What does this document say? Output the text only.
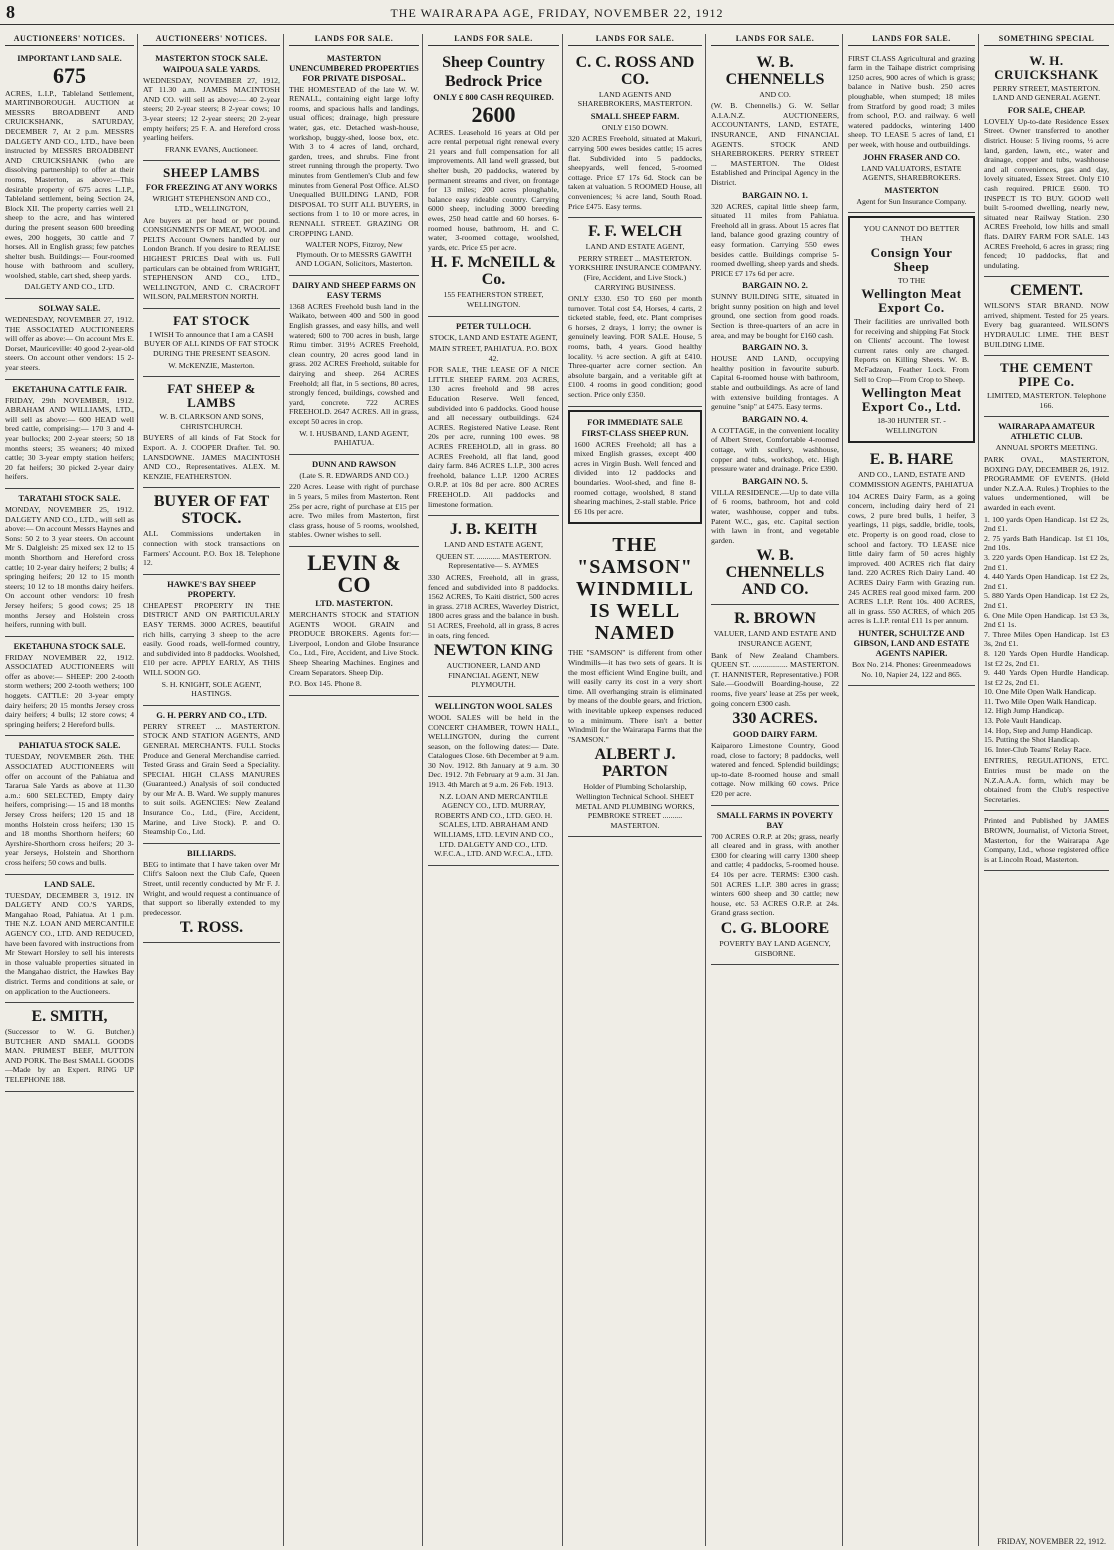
8	THE WAIRARAPA AGE, FRIDAY, NOVEMBER 22, 1912
AUCTIONEERS' NOTICES.
IMPORTANT LAND SALE.
675

ACRES, L.I.P., Tableland Settlement, MARTINBOROUGH. AUCTION at MESSRS BROADBENT AND CRUICKSHANK, SATURDAY, DECEMBER 7, At 2 p.m. MESSRS DALGETY AND CO., LTD., have been instructed by MESSRS BROADBENT AND CRUICKSHANK (who are dissolving partnership) to offer at their rooms, Masterton, as above:—This desirable property of 675 acres L.I.P., Tableland settlement, being Section 24, Block XII. The property carries well 21 sheep to the acre, and has wintered during the present season 600 breeding ewes, 200 hoggets, 30 cattle and 7 horses. All in English grass; few patches shelter bush. Buildings:— Four-roomed house with bathroom and scullery, woolshed, stable, cart shed, sheep yards.

DALGETY AND CO., LTD.

SOLWAY SALE.

WEDNESDAY, NOVEMBER 27, 1912. THE ASSOCIATED AUCTIONEERS will offer as above:— On account Mrs E. Dorset, Mauriceville: 40 good 2-year-old steers. On account other vendors: 15 2-year steers.

EKETAHUNA CATTLE FAIR.

FRIDAY, 29th NOVEMBER, 1912. ABRAHAM AND WILLIAMS, LTD., will sell as above:— 600 HEAD well bred cattle, comprising:— 170 3 and 4-year bullocks; 200 2-year steers; 50 18 months steers; 35 weaners; 40 mixed cattle; 30 3-year empty station heifers; 20 fat heifers; 30 picked 2-year dairy heifers.

TARATAHI STOCK SALE.

MONDAY, NOVEMBER 25, 1912. DALGETY AND CO., LTD., will sell as above:— On account Messrs Haynes and Sons: 50 2 to 3 year steers. On account Mr S. Dalgleish: 25 mixed sex 12 to 15 month Shorthorn and Hereford cross cattle; 10 2-year dairy heifers; 2 bulls; 4 springing heifers; 20 12 to 15 month steers; 10 12 to 18 months dairy heifers. On account other vendors: 10 fresh Jersey heifers; 5 good cows; 25 18 months Jersey and Holstein cross heifers, running with bull.

EKETAHUNA STOCK SALE.

FRIDAY NOVEMBER 22, 1912. ASSOCIATED AUCTIONEERS will offer as above:— SHEEP: 200 2-tooth storm wethers; 200 2-tooth wethers; 100 hoggets. CATTLE: 20 3-year empty dairy heifers; 20 15 months Jersey cross dairy heifers; 4 bulls; 12 store cows; 4 springing heifers; 2 Hereford bulls.

PAHIATUA STOCK SALE.

TUESDAY, NOVEMBER 26th. THE ASSOCIATED AUCTIONEERS will offer on account of the Pahiatua and Tararua Sale Yards as above at 11.30 a.m.: 600 SELECTED, Empty dairy heifers, comprising:— 15 and 18 months Jersey Cross heifers; 120 15 and 18 months Holstein cross heifers; 130 15 and 18 months Shorthorn heifers; 60 Ayrshire-Shorthorn cross heifers; 20 3-year Jerseys, Holstein and Shorthorn cross heifers; 50 cows and bulls.

LAND SALE.

TUESDAY, DECEMBER 3, 1912. IN DALGETY AND CO.'S YARDS, Mangahao Road, Pahiatua. At 1 p.m. THE N.Z. LOAN AND MERCANTILE AGENCY CO., LTD. AND REDUCED, have been favored with instructions from Mr Stewart Horsley to sell his interests in those valuable properties situated in the Mangahao district, the Hawkes Bay district. Terms and conditions at sale, or on application to the Auctioneers.

E. SMITH,

(Successor to W. G. Butcher.) BUTCHER AND SMALL GOODS MAN. PRIMEST BEEF, MUTTON AND PORK. The Best SMALL GOODS—Made by an Expert. RING UP TELEPHONE 188.

AUCTIONEERS' NOTICES.
MASTERTON STOCK SALE.
WAIPOUA SALE YARDS.

WEDNESDAY, NOVEMBER 27, 1912, AT 11.30 a.m. JAMES MACINTOSH AND CO. will sell as above:— 40 2-year steers; 20 2-year steers; 8 2-year cows; 10 3-year steers; 12 2-year steers; 20 2-year empty heifers; 25 F. A. and Hereford cross yearling heifers.

FRANK EVANS, Auctioneer.

SHEEP LAMBS
FOR FREEZING AT ANY WORKS

WRIGHT STEPHENSON AND CO., LTD., WELLINGTON,

Are buyers at per head or per pound. CONSIGNMENTS OF MEAT, WOOL and PELTS Account Owners handled by our London Branch. If you desire to REALISE HIGHEST PRICES Deal with us. Full particulars can be obtained from WRIGHT, STEPHENSON AND CO., LTD., WELLINGTON, AND C. CRACROFT WILSON, PALMERSTON NORTH.

FAT STOCK

I WISH To announce that I am a CASH BUYER OF ALL KINDS OF FAT STOCK DURING THE PRESENT SEASON.

W. McKENZIE, Masterton.

FAT SHEEP & LAMBS

W. B. CLARKSON AND SONS, CHRISTCHURCH.

BUYERS of all kinds of Fat Stock for Export. A. J. COOPER Drafter. Tel. 90. LANSDOWNE. JAMES MACINTOSH AND CO., Representatives. ALEX. M. KENZIE, FEATHERSTON.

BUYER OF FAT STOCK.

ALL Commissions undertaken in connection with stock transactions on Farmers' Account. P.O. Box 18. Telephone 12.

HAWKE'S BAY SHEEP PROPERTY.

CHEAPEST PROPERTY IN THE DISTRICT AND ON PARTICULARLY EASY TERMS. 3000 ACRES, beautiful rich hills, carrying 3 sheep to the acre easily. Good roads, well-formed country, and subdivided into 8 paddocks. Woolshed, £10 per acre. APPLY EARLY, AS THIS WILL SOON GO.

S. H. KNIGHT, SOLE AGENT, HASTINGS.

G. H. PERRY AND CO., LTD.

PERRY STREET ... MASTERTON. STOCK AND STATION AGENTS, AND GENERAL MERCHANTS. FULL Stocks Produce and General Merchandise carried. Tested Grass and Grain Seed a Speciality. SPECIAL HIGH CLASS MANURES (Guaranteed.) Analysis of soil conducted by our Mr A. B. Ward. We supply manures to suit soils. AGENCIES: New Zealand Insurance Co., Ltd., (Fire, Accident, Marine, and Live Stock). P. and O. Steamship Co., Ltd.

BILLIARDS.

BEG to intimate that I have taken over Mr Clift's Saloon next the Club Cafe, Queen Street, until recently conducted by Mr F. J. Wright, and would request a continuance of that support so liberally extended to my predecessor.

T. ROSS.
LANDS FOR SALE.
MASTERTON UNENCUMBERED PROPERTIES FOR PRIVATE DISPOSAL.

THE HOMESTEAD of the late W. W. RENALL, containing eight large lofty rooms, and spacious halls and landings, usual offices; drainage, high pressure water, gas, etc. Detached wash-house, workshop, buggy-shed, loose box, etc. With 3 to 4 acres of land, orchard, garden, trees, and shrubs. Fine front street running through the property. Two minutes from Gentlemen's Club and few minutes from General Post Office. ALSO Unequalled BUILDING LAND, FOR DISPOSAL TO SUIT ALL BUYERS, in sections from 1 to 10 or more acres, in RENNALL STREET. GRAZING OR CROPPING LAND.

WALTER NOPS, Fitzroy, New Plymouth. Or to MESSRS GAWITH AND LOGAN, Solicitors, Masterton.

DAIRY AND SHEEP FARMS ON EASY TERMS

1368 ACRES Freehold bush land in the Waikato, between 400 and 500 in good English grasses, and easy hills, and well watered; 600 to 700 acres in bush, large Rimu timber. 319½ ACRES Freehold, clean country, 20 acres good land in grass. 202 ACRES Freehold, suitable for dairying and sheep. 264 ACRES Freehold; all flat, in 5 sections, 80 acres, strongly fenced, buildings, cowshed and yard, concrete. 722 ACRES FREEHOLD. 2647 ACRES. All in grass, except 50 acres in crop.

W. I. HUSBAND, LAND AGENT, PAHIATUA.

DUNN AND RAWSON

(Late S. R. EDWARDS AND CO.)

220 Acres. Lease with right of purchase in 5 years, 5 miles from Masterton. Rent 25s per acre, right of purchase at £15 per acre. Two miles from Masterton, first class grass, house of 5 rooms, woolshed, stables. Owner wishes to sell.

LEVIN & CO
LTD. MASTERTON.

MERCHANTS STOCK and STATION AGENTS WOOL GRAIN and PRODUCE BROKERS. Agents for:— Liverpool, London and Globe Insurance Co., Ltd., Fire, Accident, and Live Stock. Sheep Shearing Machines. Engines and Cream Separators. Sheep Dip.

P.O. Box 145. Phone 8.

LANDS FOR SALE.
Sheep Country
Bedrock Price
ONLY £ 800 CASH REQUIRED.
2600

ACRES. Leasehold 16 years at Old per acre rental perpetual right renewal every 21 years and full compensation for all improvements. All land well grassed, but shelter bush, 20 paddocks, watered by permanent streams and river, on frontage for 13 miles; 200 acres ploughable, balance easy rideable country. Carrying 6000 sheep, including 3000 breeding ewes, 250 head cattle and 60 horses. 6-roomed house, bathroom, H. and C. water, 3-roomed cottage, woolshed, yards, etc. Price £5 per acre.

H. F. McNEILL & Co.

155 FEATHERSTON STREET, WELLINGTON.

PETER TULLOCH.

STOCK, LAND AND ESTATE AGENT,

MAIN STREET, PAHIATUA. P.O. BOX 42.

FOR SALE, THE LEASE OF A NICE LITTLE SHEEP FARM. 203 ACRES, 130 acres freehold and 98 acres Education Reserve. Well fenced, subdivided into 6 paddocks. Good house and all necessary outbuildings. 624 ACRES. Registered Native Lease. Rent 20s per acre, running 100 ewes. 98 ACRES FREEHOLD, all in grass. 80 ACRES Freehold, all flat land, good dairy farm. 846 ACRES L.I.P., 300 acres freehold, balance L.I.P. 1200 ACRES O.R.P. at 10s 8d per acre. 800 ACRES FREEHOLD. All paddocks and limestone formation.

J. B. KEITH

LAND AND ESTATE AGENT,

QUEEN ST. ............ MASTERTON. Representative— S. AYMES

330 ACRES, Freehold, all in grass, fenced and subdivided into 8 paddocks. 1562 ACRES, To Kaiti district, 500 acres in grass. 2718 ACRES, Waverley District, 1800 acres grass and the balance in bush. 51 ACRES, Freehold, all in grass, 8 acres in oats, ring fenced.

NEWTON KING

AUCTIONEER, LAND AND FINANCIAL AGENT, NEW PLYMOUTH.

WELLINGTON WOOL SALES

WOOL SALES will be held in the CONCERT CHAMBER, TOWN HALL, WELLINGTON, during the current season, on the following dates:— Date. Catalogues Close. 6th December at 9 a.m. 30 Nov. 1912. 8th January at 9 a.m. 30 Dec. 1912. 7th February at 9 a.m. 31 Jan. 1913. 4th March at 9 a.m. 26 Feb. 1913.

N.Z. LOAN AND MERCANTILE AGENCY CO., LTD. MURRAY, ROBERTS AND CO., LTD. GEO. H. SCALES, LTD. ABRAHAM AND WILLIAMS, LTD. LEVIN AND CO., LTD. DALGETY AND CO., LTD. W.F.C.A., LTD. AND W.F.C.A., LTD.

LANDS FOR SALE.
C. C. ROSS AND CO.

LAND AGENTS AND SHAREBROKERS, MASTERTON.

SMALL SHEEP FARM.

ONLY £150 DOWN.

320 ACRES Freehold, situated at Makuri, carrying 500 ewes besides cattle; 15 acres flat. Subdivided into 5 paddocks, sheepyards, well fenced, 5-roomed cottage. Price £7 17s 6d. Stock can be taken at valuation. 5 ROOMED House, all conveniences; ¼ acre land, South Road. Price £475. Easy terms.

F. F. WELCH

LAND AND ESTATE AGENT,

PERRY STREET ... MASTERTON. YORKSHIRE INSURANCE COMPANY. (Fire, Accident, and Live Stock.) CARRYING BUSINESS.

ONLY £330. £50 TO £60 per month turnover. Total cost £4, Horses, 4 carts, 2 ticketed stable, feed, etc. Plant comprises 6 horses, 2 drays, 1 lorry; the owner is genuinely leaving. FOR SALE. House, 5 rooms, bath, 4 years. Good healthy locality. ½ acre section. A gift at £410. Three-quarter acre corner section. An absolute bargain, and a veritable gift at £100. 4 rooms in good condition; good section. Price only £350.

FOR IMMEDIATE SALE
FIRST-CLASS SHEEP RUN.

1600 ACRES Freehold; all has a mixed English grasses, except 400 acres in Virgin Bush. Well fenced and divided into 12 paddocks and boundaries. Wool-shed, and fine 8-roomed cottage, woolshed, 8 stand shearing machines, 2-stall stable. Price £6 10s per acre.

THE "SAMSON" WINDMILL IS WELL NAMED

THE "SAMSON" is different from other Windmills—it has two sets of gears. It is the most efficient Wind Engine built, and will easily carry its cost in a very short time. All overhanging strain is eliminated by means of the double gears, and friction, with inevitable upkeep expenses reduced to a minimum. There isn't a better Windmill for the Wairarapa Farms that the "SAMSON."

ALBERT J. PARTON

Holder of Plumbing Scholarship, Wellington Technical School. SHEET METAL AND PLUMBING WORKS, PEMBROKE STREET .......... MASTERTON.

LANDS FOR SALE.
W. B. CHENNELLS

AND CO.

(W. B. Chennells.) G. W. Sellar A.I.A.N.Z. AUCTIONEERS, ACCOUNTANTS, LAND, ESTATE, INSURANCE, AND FINANCIAL AGENTS. STOCK AND SHAREBROKERS. PERRY STREET ... MASTERTON. The Oldest Established and Principal Agency in the District.

BARGAIN NO. 1.

320 ACRES, capital little sheep farm, situated 11 miles from Pahiatua. Freehold all in grass. About 15 acres flat land, balance good grazing country of easy formation. Carrying 550 ewes besides cattle. Buildings comprise 5-roomed dwelling, sheep yards and sheds. PRICE £7 17s 6d per acre.

BARGAIN NO. 2.

SUNNY BUILDING SITE, situated in bright sunny position on high and level ground, one section from good roads. Section is three-quarters of an acre in area, and may be bought for £160 cash.

BARGAIN NO. 3.

HOUSE AND LAND, occupying healthy position in favourite suburb. Capital 6-roomed house with bathroom, stable and outbuildings. As acre of land with extensive building frontages. A genuine "snip" at £475. Easy terms.

BARGAIN NO. 4.

A COTTAGE, in the convenient locality of Albert Street, Comfortable 4-roomed cottage, with scullery, washhouse, copper and tubs, workshop, etc. High pressure water and drainage. Price £390.

BARGAIN NO. 5.

VILLA RESIDENCE.—Up to date villa of 6 rooms, bathroom, hot and cold water, washhouse, copper and tubs. Patent W.C., gas, etc. Capital section with lawn in front, and vegetable garden.

W. B. CHENNELLS AND CO.
R. BROWN

VALUER, LAND AND ESTATE AND INSURANCE AGENT,

Bank of New Zealand Chambers. QUEEN ST. .................. MASTERTON. (T. HANNISTER, Representative.) FOR Sale.—Goodwill Boarding-house, 22 rooms, five years' lease at 25s per week, going concern £300 cash.

330 ACRES.
GOOD DAIRY FARM.

Kaiparoro Limestone Country, Good road, close to factory; 8 paddocks, well watered and fenced. Splendid buildings; up-to-date 8-roomed house and small cottage. Now milking 60 cows. Price £20 per acre.

SMALL FARMS IN POVERTY BAY

700 ACRES O.R.P. at 20s; grass, nearly all cleared and in grass, with another £300 for clearing will carry 1300 sheep and cattle; 4 paddocks, 5-roomed house. £4 10s per acre. TERMS: £300 cash. 501 ACRES L.I.P. 380 acres in grass; winters 600 sheep and 30 cattle; new house, etc. 53 ACRES O.R.P. at 24s. Grand grass section.

C. G. BLOORE

POVERTY BAY LAND AGENCY, GISBORNE.

LANDS FOR SALE.

FIRST CLASS Agricultural and grazing farm in the Taihape district comprising 1250 acres, 900 acres of which is grass; balance in Native bush. 250 acres ploughable, when stumped; 18 miles from Stratford by good road; 3 miles from school, P.O. and railway. 6 well watered paddocks, wintering 1400 sheep. TO LEASE 5 acres of land, £1 per week, with house and outbuildings.

JOHN FRASER AND CO.

LAND VALUATORS, ESTATE AGENTS, SHAREBROKERS.

MASTERTON

Agent for Sun Insurance Company.

YOU CANNOT DO BETTER THAN

Consign Your Sheep

TO THE

Wellington Meat Export Co.

Their facilities are unrivalled both for receiving and shipping Fat Stock on Clients' account. The lowest current rates only are charged. Reports on Killing Sheets. W. B. McFadzean, Feather Lock. From Sell to Crop—From Crop to Sheep.

Wellington Meat Export Co., Ltd.

18-30 HUNTER ST. - WELLINGTON

E. B. HARE

AND CO., LAND, ESTATE AND COMMISSION AGENTS, PAHIATUA

104 ACRES Dairy Farm, as a going concern, including dairy herd of 21 cows, 2 pure bred bulls, 1 heifer, 3 yearlings, 11 pigs, saddle, bridle, tools, etc. Property is on good road, close to school and factory. TO LEASE nice little dairy farm of 50 acres highly improved. 400 ACRES rich flat dairy land. 220 ACRES Rich Dairy Land. 40 ACRES Dairy Farm with Grazing run. 245 ACRES real good mixed farm. 200 ACRES L.I.P. Rent 10s. 400 ACRES, all in grass. 550 ACRES, of which 205 acres is L.I.P. rental £11 1s per annum.

HUNTER, SCHULTZE AND GIBSON, LAND AND ESTATE AGENTS NAPIER.

Box No. 214. Phones: Greenmeadows No. 10, Napier 24, 122 and 865.

SOMETHING SPECIAL
W. H. CRUICKSHANK

PERRY STREET, MASTERTON. LAND AND GENERAL AGENT.

FOR SALE, CHEAP.

LOVELY Up-to-date Residence Essex Street. Owner transferred to another district. House: 5 living rooms, ½ acre land, garden, lawn, etc., water and drainage, copper and tubs, washhouse and all conveniences, gas and day, lovely situated, Essex Street. Only £10 cash required. PRICE £600. TO INSPECT IS TO BUY. GOOD well built 5-roomed dwelling, nearly new, situated near Railway Station. 230 ACRES Freehold, low hills and small flats. DAIRY FARM FOR SALE. 143 ACRES Freehold, 6 acres in grass; ring fenced; 10 paddocks, flat and undulating.

CEMENT.

WILSON'S STAR BRAND. NOW arrived, shipment. Tested for 25 years. Every bag guaranteed. WILSON'S HYDRAULIC LIME. THE BEST BUILDING LIME.

THE CEMENT PIPE Co.

LIMITED, MASTERTON. Telephone 166.

WAIRARAPA AMATEUR ATHLETIC CLUB.

ANNUAL SPORTS MEETING.

PARK OVAL, MASTERTON, BOXING DAY, DECEMBER 26, 1912. PROGRAMME OF EVENTS. (Held under N.Z.A.A. Rules.) Trophies to the values undermentioned, will be awarded in each event.

1. 100 yards Open Handicap. 1st £2 2s, 2nd £1.
2. 75 yards Bath Handicap. 1st £1 10s, 2nd 10s.
3. 220 yards Open Handicap. 1st £2 2s, 2nd £1.
4. 440 Yards Open Handicap. 1st £2 2s, 2nd £1.
5. 880 Yards Open Handicap. 1st £2 2s, 2nd £1.
6. One Mile Open Handicap. 1st £3 3s, 2nd £1 1s.
7. Three Miles Open Handicap. 1st £3 3s, 2nd £1.
8. 120 Yards Open Hurdle Handicap. 1st £2 2s, 2nd £1.
9. 440 Yards Open Hurdle Handicap. 1st £2 2s, 2nd £1.
10. One Mile Open Walk Handicap.
11. Two Mile Open Walk Handicap.
12. High Jump Handicap.
13. Pole Vault Handicap.
14. Hop, Step and Jump Handicap.
15. Putting the Shot Handicap.
16. Inter-Club Teams' Relay Race.

ENTRIES, REGULATIONS, ETC. Entries must be made on the N.Z.A.A.A. form, which may be obtained from the Club's respective Secretaries.

Printed and Published by JAMES BROWN, Journalist, of Victoria Street, Masterton, for the Wairarapa Age Company, Ltd., whose registered office is at Lincoln Road, Masterton.

FRIDAY, NOVEMBER 22, 1912.
